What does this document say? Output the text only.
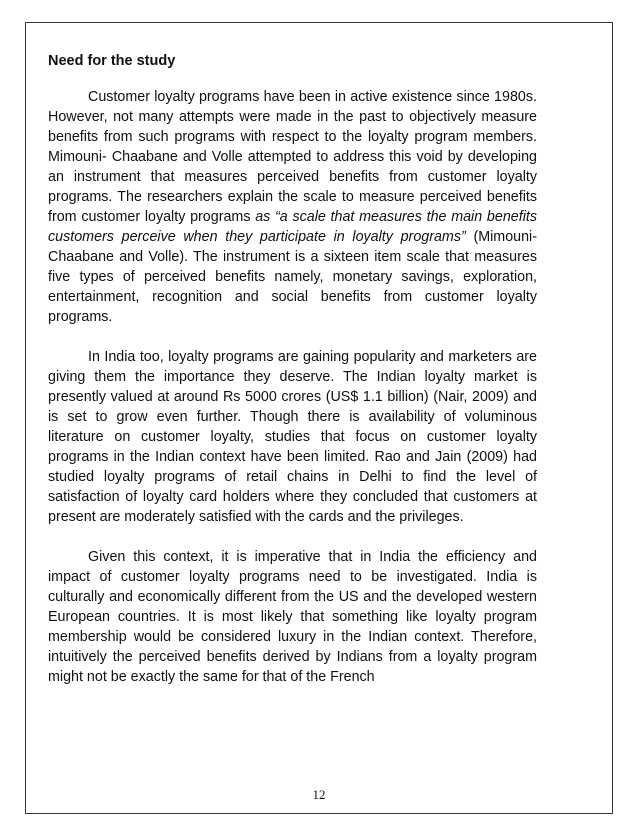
Need for the study

Customer loyalty programs have been in active existence since 1980s. However, not many attempts were made in the past to objectively measure benefits from such programs with respect to the loyalty program members. Mimouni- Chaabane and Volle attempted to address this void by developing an instrument that measures perceived benefits from customer loyalty programs. The researchers explain the scale to measure perceived benefits from customer loyalty programs as “a scale that measures the main benefits customers perceive when they participate in loyalty programs” (Mimouni-Chaabane and Volle). The instrument is a sixteen item scale that measures five types of perceived benefits namely, monetary savings, exploration, entertainment, recognition and social benefits from customer loyalty programs.

In India too, loyalty programs are gaining popularity and marketers are giving them the importance they deserve. The Indian loyalty market is presently valued at around Rs 5000 crores (US$ 1.1 billion) (Nair, 2009) and is set to grow even further. Though there is availability of voluminous literature on customer loyalty, studies that focus on customer loyalty programs in the Indian context have been limited. Rao and Jain (2009) had studied loyalty programs of retail chains in Delhi to find the level of satisfaction of loyalty card holders where they concluded that customers at present are moderately satisfied with the cards and the privileges.

Given this context, it is imperative that in India the efficiency and impact of customer loyalty programs need to be investigated. India is culturally and economically different from the US and the developed western European countries. It is most likely that something like loyalty program membership would be considered luxury in the Indian context. Therefore, intuitively the perceived benefits derived by Indians from a loyalty program might not be exactly the same for that of the French

12
